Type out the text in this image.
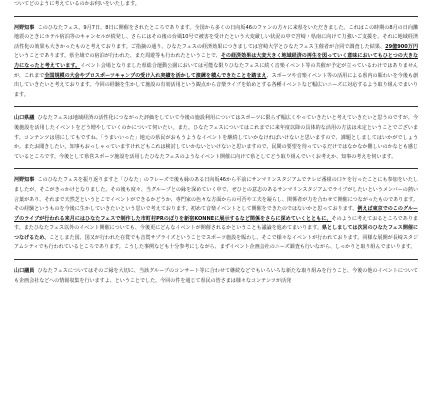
ついてどのように考えているのかお伺いをいたします。

河野知事 このひなたフェス、9月7日、8日に開催をされたところであります。全国から多くの日向坂46のファンの方々に来県をいただきました。これはこの時期の8月の日向灘地震のときにホテル宿泊等のキャンセルが続発し、さらにはその後の台風10号で被害を受けたという大変厳しい状況の中で宮崎・県南に向けて力強いご支援を、それに地域経済活性化の効果も大きかったものと考えております。ご指摘の通り、ひなたフェスの経済効果につきましては宮崎大学とひなたフェス主催者が合同で調査した結果、29億900万円ということであります。県全域での宿泊が行われた、また周遊等も行われたということで、その経済効果は大変大きく地域経済の再生を図っていく意味においてもひとつの大きな力になったと考えています。イベント会場となりました県総合運動公園においては可能な限りひなたフェスに続く音楽イベント等の共催が予定が立っているわけではありませんが、これまで全国規模の大会やプロスポーツキャンプの受け入れ実績を活かして演練を積んできたことを踏まえ、スポーツや音楽イベント等の活用による県内の賑わいを今後も創出していきたいと考えております。今回の経験を生かして施設の有効活用という観点から音楽ライブを始めとする各種イベントなど幅広いニーズに対応するよう取り組んでまいります。

山口県議 ひなたフェスは地域経済の活性化につながった評価をしていて今後の施設利用についてはスポーツに限らず幅広くやっていきたいと考えていきたいと思うのですが、今後施設を活用したイベントをどう増やしていくのかについて伺いたい。また、ひなたフェスについてはこれまでに来年度以降の具体的な活用の方法は未定ということでございます。コンテンツは別にしてもですね、「うまいいった」地元の県民がおもうようなイベントを継続していかなければいけないと思いますので、課題としましてはいかがでしょうか。またお聞きしたい。知事もおっしゃっていますけれどもこれは検討していかないといけないと思いますので、民間の要望を待っているだけではなかなか難しいのかなとも感じているところです。今後として県営スポーツ施設を活用したひなたフェスのようなイベント開催に向けて県としてどう取り組んでいくお考えか、知事の考えを伺います。

河野知事 このひなたフェスを振り返りますと「ひなた」のフレーズで後も縁のある日向坂46から平前にサンマリンスタジアムでテレビ番組の口ケを行ったことにも参加をいたしましたが、そこがきっかけとなりました。その後も度々、当グループとの縁を深めていく中で、ぜひとの意志のあるサンマリンスタジアムでライブがしたいというメンバーの熱い言葉があり、それまで天然芝というとこでイベントができるかどうか、専門家の色々な方面からの可否や工夫を凝らし、関係者が力を合わせて開催につながったものであります。その経験というものを今後に生かしていきたいという思いで考えております。初めて音楽イベントとして開催をできたのではないかと思っております。例えば東京でのこのグループのライブが行われる来月にはひなたフェスで制作した市町村PRのぼりを新宿KONNEに展示するなど関係をさらに深めていくとともに、そのように考えておるところであります。またひなたフェス以外のイベント開催についても、今後更にどんなイベントが開催されるかということも議論を進めてまいります。県としましては次回のひなたフェス開催につなげるため、ことしまた国、国又が行われた在賞でも音賞サプライズということでスポーツ施設を賑わし、そこで様々なイベントが行われております。同様な展開が長崎スタジアムシティでも行われているところであります。こうした事例なども十分参考にしながら、まずイベント企画会社のニーズ調査も行いながら、しっかりと取り組んでまいります。

山口議員 ひなたフェスについてはそのご縁を大切に、当該グループのコンサート等に合わせて継続などでもいろいろな新たな取り組みを行うこと、今後の他のイベントについても企画会社などへの情報収集を行いますよ、ということでした。今回の件を通じて県民の皆さまは様々なコンテンツが活発
